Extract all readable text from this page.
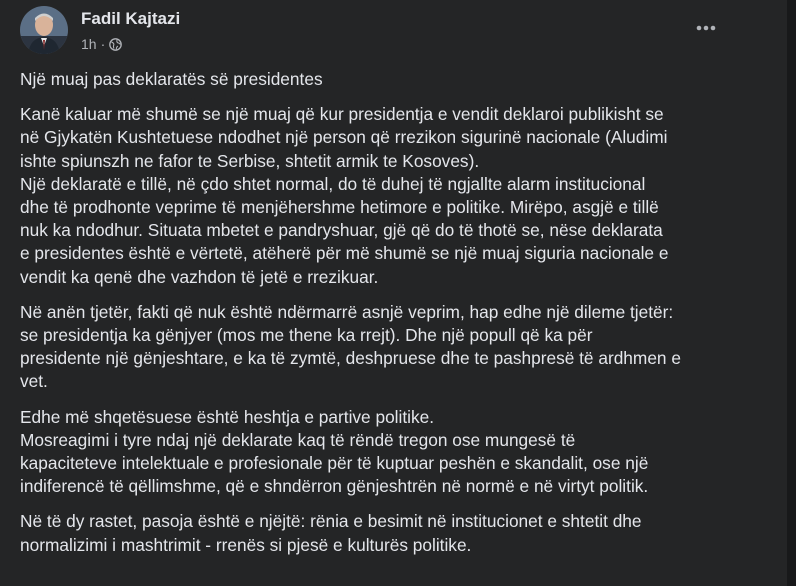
Fadil Kajtazi
1h ·
Një muaj pas deklaratës së presidentes
Kanë kaluar më shumë se një muaj që kur presidentja e vendit deklaroi publikisht se
në Gjykatën Kushtetuese ndodhet një person që rrezikon sigurinë nacionale (Aludimi
ishte spiunszh ne fafor te Serbise, shtetit armik te Kosoves).
Një deklaratë e tillë, në çdo shtet normal, do të duhej të ngjallte alarm institucional
dhe të prodhonte veprime të menjëhershme hetimore e politike. Mirëpo, asgjë e tillë
nuk ka ndodhur. Situata mbetet e pandryshuar, gjë që do të thotë se, nëse deklarata
e presidentes është e vërtetë, atëherë për më shumë se një muaj siguria nacionale e
vendit ka qenë dhe vazhdon të jetë e rrezikuar.
Në anën tjetër, fakti që nuk është ndërmarrë asnjë veprim, hap edhe një dileme tjetër:
se presidentja ka gënjyer (mos me thene ka rrejt). Dhe një popull që ka për
presidente një gënjeshtare, e ka të zymtë, deshpruese dhe te pashpresë të ardhmen e
vet.
Edhe më shqetësuese është heshtja e partive politike.
Mosreagimi i tyre ndaj një deklarate kaq të rëndë tregon ose mungesë të
kapaciteteve intelektuale e profesionale për të kuptuar peshën e skandalit, ose një
indiferencë të qëllimshme, që e shndërron gënjeshtrën në normë e në virtyt politik.
Në të dy rastet, pasoja është e njëjtë: rënia e besimit në institucionet e shtetit dhe
normalizimi i mashtrimit - rrenës si pjesë e kulturës politike.
